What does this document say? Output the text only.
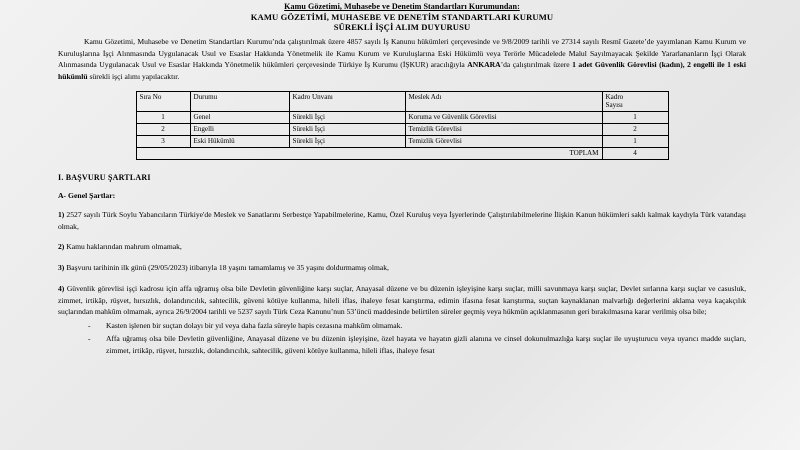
Kamu Gözetimi, Muhasebe ve Denetim Standartları Kurumundan:
KAMU GÖZETİMİ, MUHASEBE VE DENETİM STANDARTLARI KURUMU
SÜREKLİ İŞÇİ ALIM DUYURUSU

Kamu Gözetimi, Muhasebe ve Denetim Standartları Kurumu’nda çalıştırılmak üzere 4857 sayılı İş Kanunu hükümleri çerçevesinde ve 9/8/2009 tarihli ve 27314 sayılı Resmî Gazete’de yayımlanan Kamu Kurum ve Kuruluşlarına İşçi Alınmasında Uygulanacak Usul ve Esaslar Hakkında Yönetmelik ile Kamu Kurum ve Kuruluşlarına Eski Hükümlü veya Terörle Mücadelede Malul Sayılmayacak Şekilde Yararlananların İşçi Olarak Alınmasında Uygulanacak Usul ve Esaslar Hakkında Yönetmelik hükümleri çerçevesinde Türkiye İş Kurumu (İŞKUR) aracılığıyla ANKARA’da çalıştırılmak üzere 1 adet Güvenlik Görevlisi (kadın), 2 engelli ile 1 eski hükümlü sürekli işçi alımı yapılacaktır.

Sıra No	Durumu	Kadro Unvanı	Meslek Adı	Kadro
Sayısı
1	Genel	Sürekli İşçi	Koruma ve Güvenlik Görevlisi	1
2	Engelli	Sürekli İşçi	Temizlik Görevlisi	2
3	Eski Hükümlü	Sürekli İşçi	Temizlik Görevlisi	1
TOPLAM				4
I. BAŞVURU ŞARTLARI
A- Genel Şartlar:

1) 2527 sayılı Türk Soylu Yabancıların Türkiye'de Meslek ve Sanatlarını Serbestçe Yapabilmelerine, Kamu, Özel Kuruluş veya İşyerlerinde Çalıştırılabilmelerine İlişkin Kanun hükümleri saklı kalmak kaydıyla Türk vatandaşı olmak,

2) Kamu haklarından mahrum olmamak,

3) Başvuru tarihinin ilk günü (29/05/2023) itibarıyla 18 yaşını tamamlamış ve 35 yaşını doldurmamış olmak,

4) Güvenlik görevlisi işçi kadrosu için affa uğramış olsa bile Devletin güvenliğine karşı suçlar, Anayasal düzene ve bu düzenin işleyişine karşı suçlar, milli savunmaya karşı suçlar, Devlet sırlarına karşı suçlar ve casusluk, zimmet, irtikâp, rüşvet, hırsızlık, dolandırıcılık, sahtecilik, güveni kötüye kullanma, hileli iflas, ihaleye fesat karıştırma, edimin ifasına fesat karıştırma, suçtan kaynaklanan malvarlığı değerlerini aklama veya kaçakçılık suçlarından mahkûm olmamak, ayrıca 26/9/2004 tarihli ve 5237 sayılı Türk Ceza Kanunu’nun 53’üncü maddesinde belirtilen süreler geçmiş veya hükmün açıklanmasının geri bırakılmasına karar verilmiş olsa bile;

- Kasten işlenen bir suçtan dolayı bir yıl veya daha fazla süreyle hapis cezasına mahkûm olmamak.
- Affa uğramış olsa bile Devletin güvenliğine, Anayasal düzene ve bu düzenin işleyişine, özel hayata ve hayatın gizli alanına ve cinsel dokunulmazlığa karşı suçlar ile uyuşturucu veya uyarıcı madde suçları, zimmet, irtikâp, rüşvet, hırsızlık, dolandırıcılık, sahtecilik, güveni kötüye kullanma, hileli iflas, ihaleye fesat
